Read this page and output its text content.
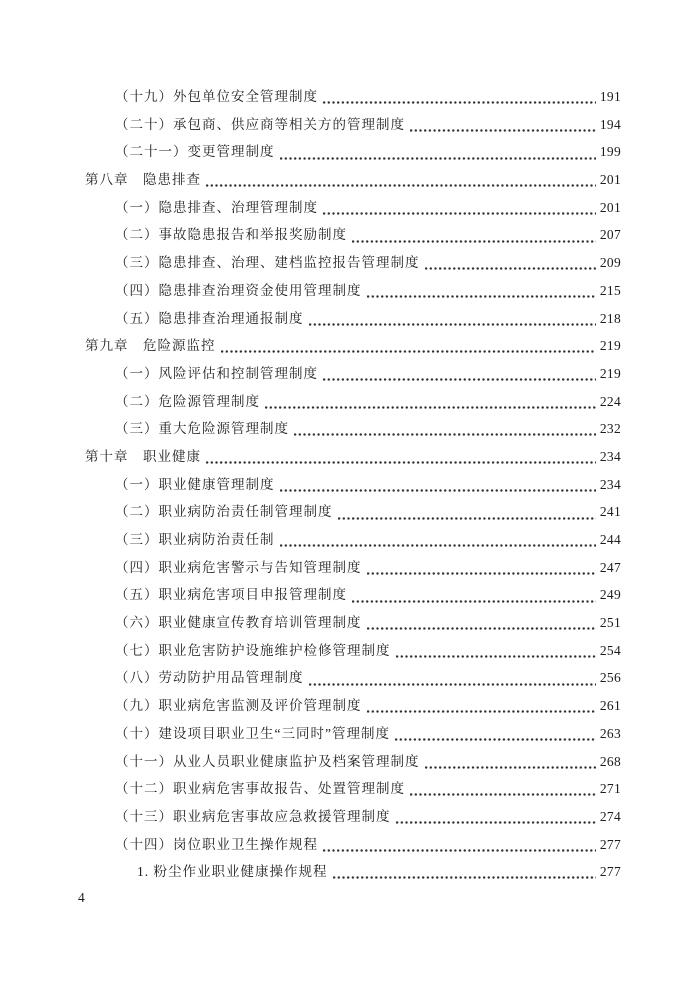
（十九）外包单位安全管理制度	191
（二十）承包商、供应商等相关方的管理制度	194
（二十一）变更管理制度	199
第八章　隐患排查	201
（一）隐患排查、治理管理制度	201
（二）事故隐患报告和举报奖励制度	207
（三）隐患排查、治理、建档监控报告管理制度	209
（四）隐患排查治理资金使用管理制度	215
（五）隐患排查治理通报制度	218
第九章　危险源监控	219
（一）风险评估和控制管理制度	219
（二）危险源管理制度	224
（三）重大危险源管理制度	232
第十章　职业健康	234
（一）职业健康管理制度	234
（二）职业病防治责任制管理制度	241
（三）职业病防治责任制	244
（四）职业病危害警示与告知管理制度	247
（五）职业病危害项目申报管理制度	249
（六）职业健康宣传教育培训管理制度	251
（七）职业危害防护设施维护检修管理制度	254
（八）劳动防护用品管理制度	256
（九）职业病危害监测及评价管理制度	261
（十）建设项目职业卫生“三同时”管理制度	263
（十一）从业人员职业健康监护及档案管理制度	268
（十二）职业病危害事故报告、处置管理制度	271
（十三）职业病危害事故应急救援管理制度	274
（十四）岗位职业卫生操作规程	277
1. 粉尘作业职业健康操作规程	277
4
